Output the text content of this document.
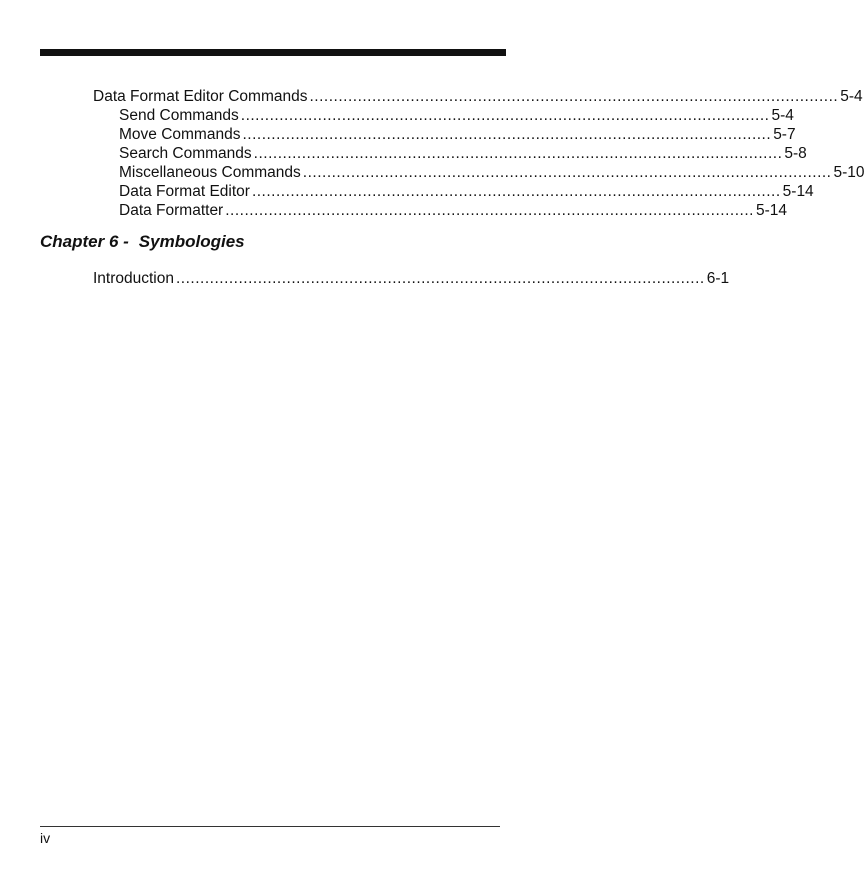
Data Format Editor Commands .............................................................................................................. 5-4
Send Commands .............................................................................................................. 5-4
Move Commands .............................................................................................................. 5-7
Search Commands .............................................................................................................. 5-8
Miscellaneous Commands .............................................................................................................. 5-10
Data Format Editor .............................................................................................................. 5-14
Data Formatter .............................................................................................................. 5-14
Chapter 6 - Symbologies
Introduction .............................................................................................................. 6-1
iv
